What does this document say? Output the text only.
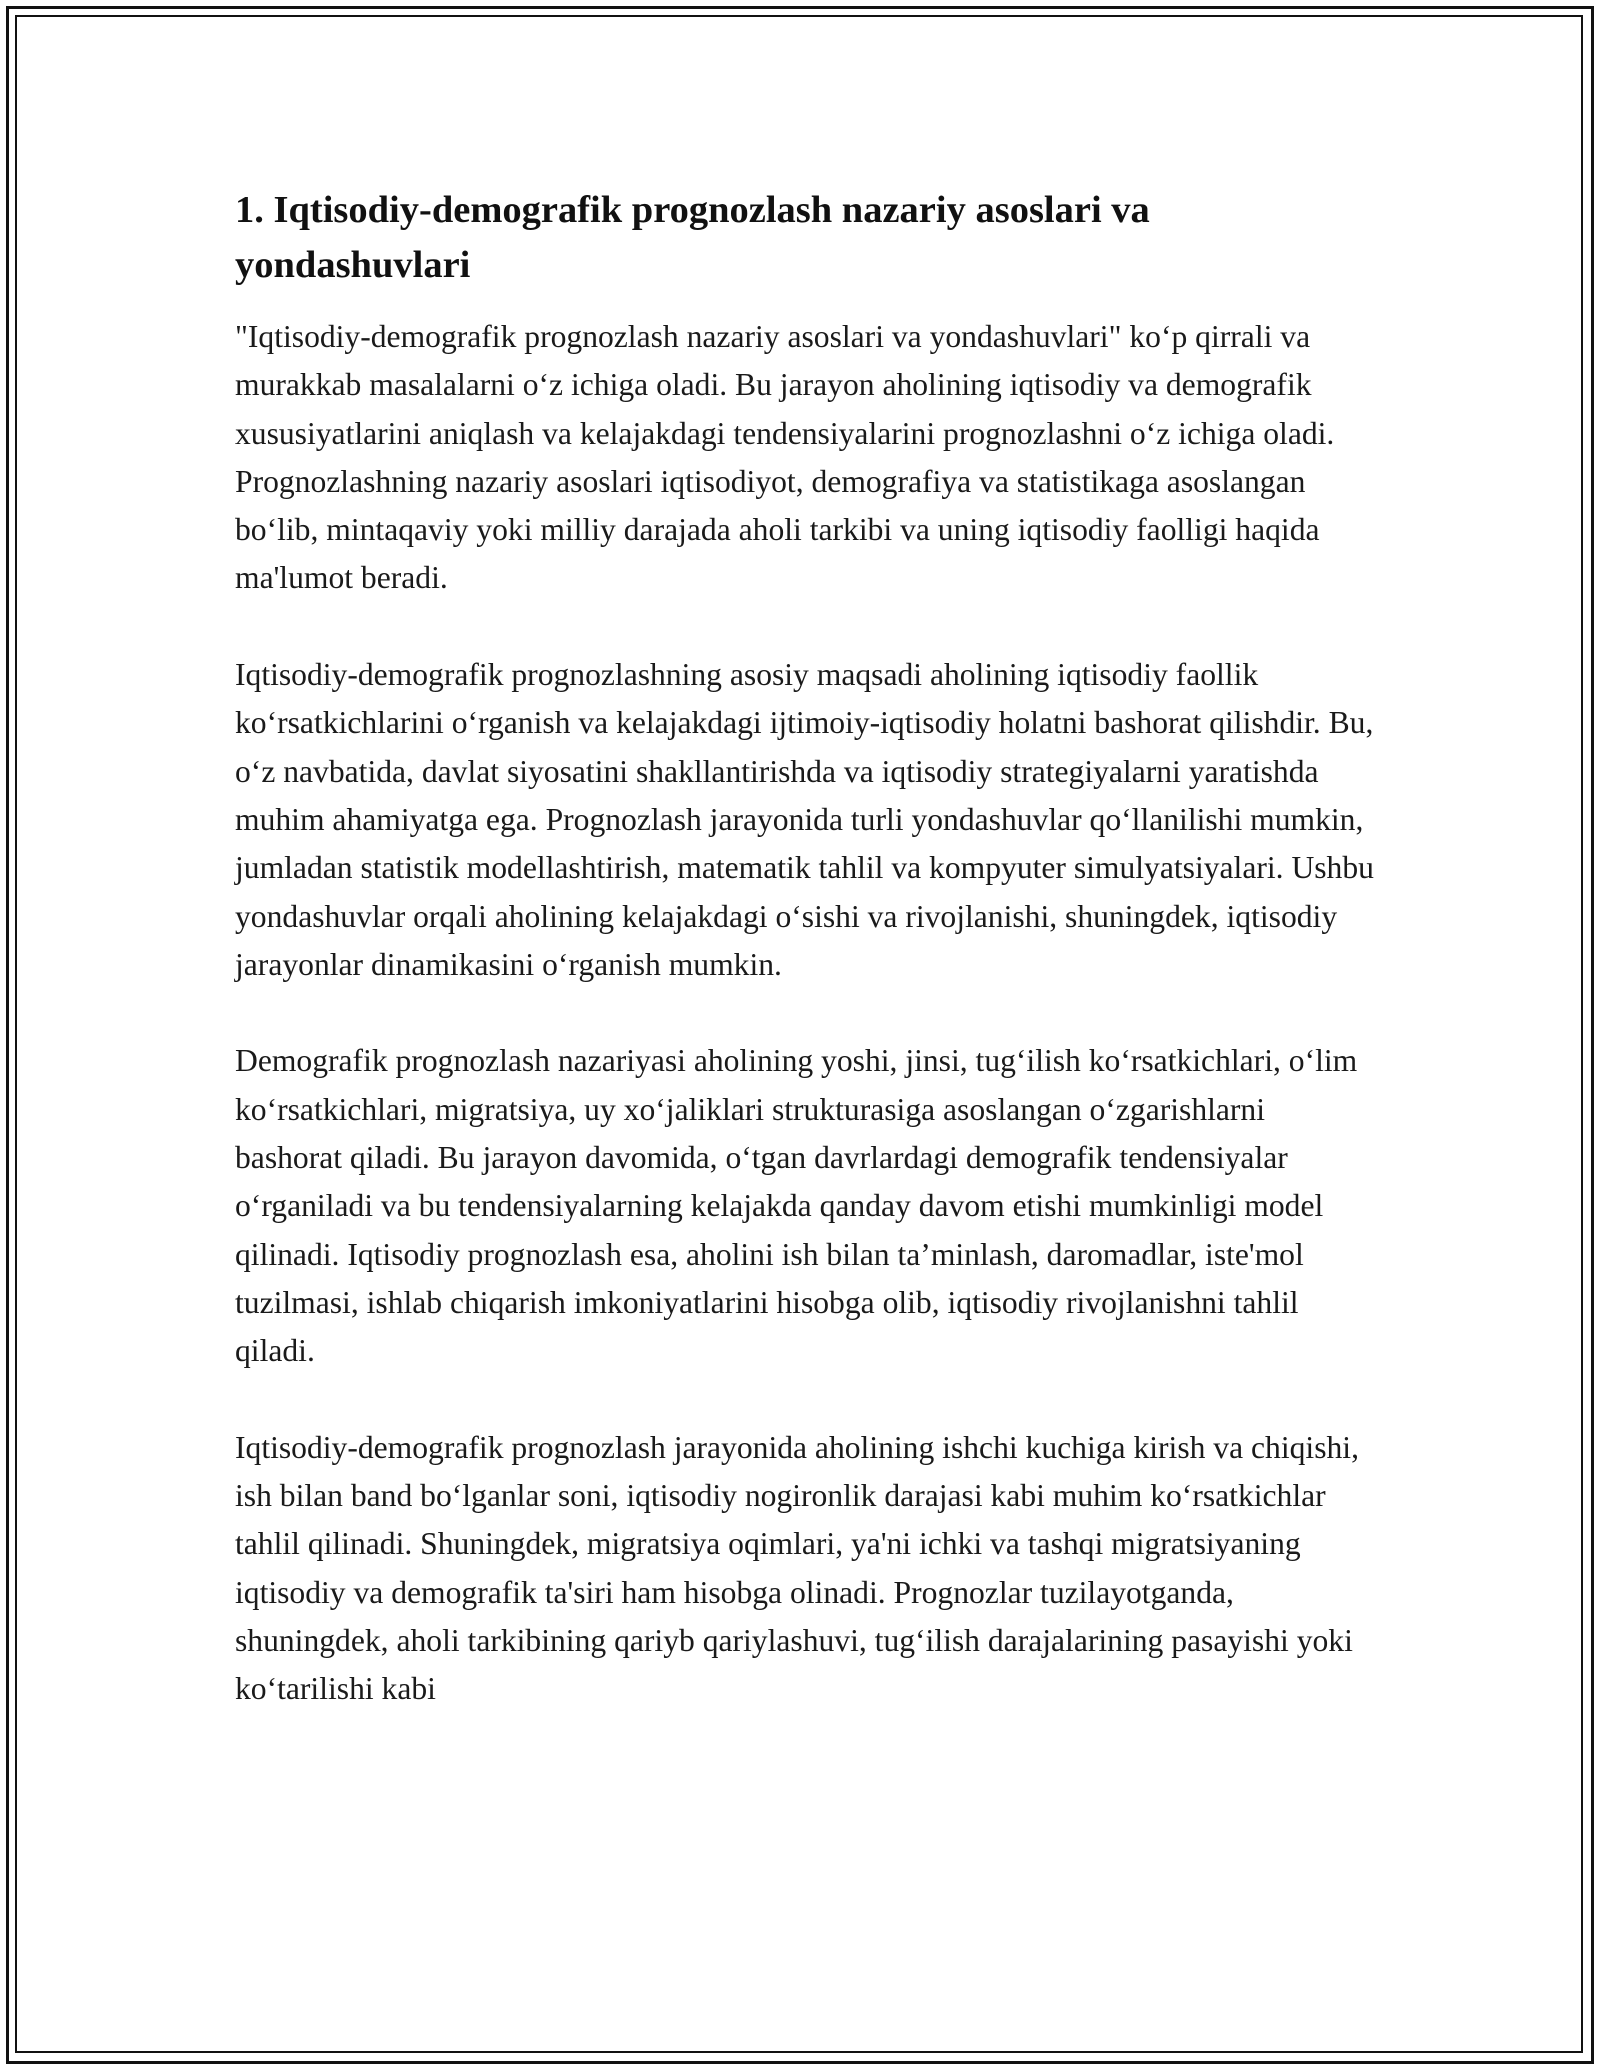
1. Iqtisodiy-demografik prognozlash nazariy asoslari va yondashuvlari

"Iqtisodiy-demografik prognozlash nazariy asoslari va yondashuvlari" ko‘p qirrali va murakkab masalalarni o‘z ichiga oladi. Bu jarayon aholining iqtisodiy va demografik xususiyatlarini aniqlash va kelajakdagi tendensiyalarini prognozlashni o‘z ichiga oladi. Prognozlashning nazariy asoslari iqtisodiyot, demografiya va statistikaga asoslangan bo‘lib, mintaqaviy yoki milliy darajada aholi tarkibi va uning iqtisodiy faolligi haqida ma'lumot beradi.

Iqtisodiy-demografik prognozlashning asosiy maqsadi aholining iqtisodiy faollik ko‘rsatkichlarini o‘rganish va kelajakdagi ijtimoiy-iqtisodiy holatni bashorat qilishdir. Bu, o‘z navbatida, davlat siyosatini shakllantirishda va iqtisodiy strategiyalarni yaratishda muhim ahamiyatga ega. Prognozlash jarayonida turli yondashuvlar qo‘llanilishi mumkin, jumladan statistik modellashtirish, matematik tahlil va kompyuter simulyatsiyalari. Ushbu yondashuvlar orqali aholining kelajakdagi o‘sishi va rivojlanishi, shuningdek, iqtisodiy jarayonlar dinamikasini o‘rganish mumkin.

Demografik prognozlash nazariyasi aholining yoshi, jinsi, tug‘ilish ko‘rsatkichlari, o‘lim ko‘rsatkichlari, migratsiya, uy xo‘jaliklari strukturasiga asoslangan o‘zgarishlarni bashorat qiladi. Bu jarayon davomida, o‘tgan davrlardagi demografik tendensiyalar o‘rganiladi va bu tendensiyalarning kelajakda qanday davom etishi mumkinligi model qilinadi. Iqtisodiy prognozlash esa, aholini ish bilan ta’minlash, daromadlar, iste'mol tuzilmasi, ishlab chiqarish imkoniyatlarini hisobga olib, iqtisodiy rivojlanishni tahlil qiladi.

Iqtisodiy-demografik prognozlash jarayonida aholining ishchi kuchiga kirish va chiqishi, ish bilan band bo‘lganlar soni, iqtisodiy nogironlik darajasi kabi muhim ko‘rsatkichlar tahlil qilinadi. Shuningdek, migratsiya oqimlari, ya'ni ichki va tashqi migratsiyaning iqtisodiy va demografik ta'siri ham hisobga olinadi. Prognozlar tuzilayotganda, shuningdek, aholi tarkibining qariyb qariylashuvi, tug‘ilish darajalarining pasayishi yoki ko‘tarilishi kabi
